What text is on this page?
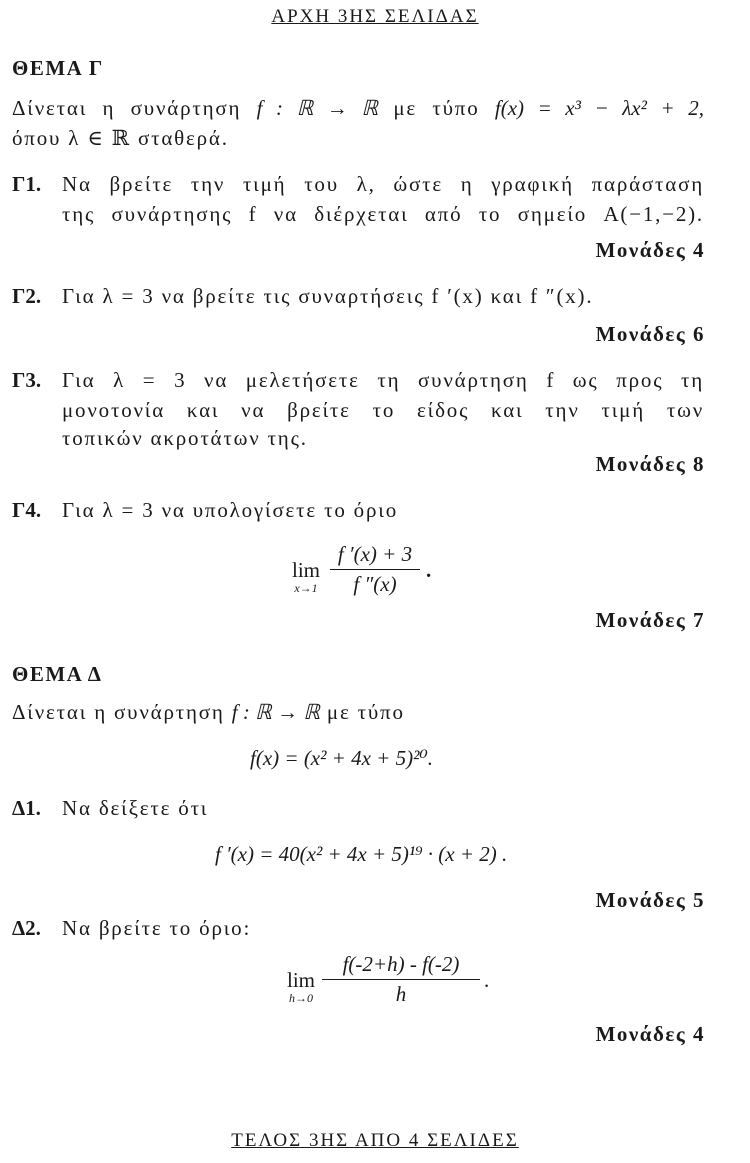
ΑΡΧΗ 3ΗΣ ΣΕΛΙΔΑΣ
ΘΕΜΑ Γ
Δίνεται η συνάρτηση f : ℝ → ℝ με τύπο f(x) = x³ − λx² + 2,
όπου λ ∈ ℝ σταθερά.
Γ1. Να βρείτε την τιμή του λ, ώστε η γραφική παράσταση
της συνάρτησης f να διέρχεται από το σημείο A(−1,−2).
Μονάδες 4
Γ2. Για λ = 3 να βρείτε τις συναρτήσεις f ′(x) και f ″(x).
Μονάδες 6
Γ3. Για λ = 3 να μελετήσετε τη συνάρτηση f ως προς τη
μονοτονία και να βρείτε το είδος και την τιμή των
τοπικών ακροτάτων της.
Μονάδες 8
Γ4. Για λ = 3 να υπολογίσετε το όριο
lim
$x\to 1 \frac{f '(x) + 3}{f ''(x)}$ .
Μονάδες 7
ΘΕΜΑ Δ
Δίνεται η συνάρτηση f : ℝ → ℝ με τύπο
f(x) = (x² + 4x + 5)²⁰.
Δ1. Να δείξετε ότι
f ′(x) = 40(x² + 4x + 5)¹⁹ · (x + 2) .
Μονάδες 5
Δ2. Να βρείτε το όριο:
lim
$h\to 0 \frac{f(-2+h) - f(-2)}{h}$ .
Μονάδες 4
ΤΕΛΟΣ 3ΗΣ ΑΠΟ 4 ΣΕΛΙΔΕΣ
